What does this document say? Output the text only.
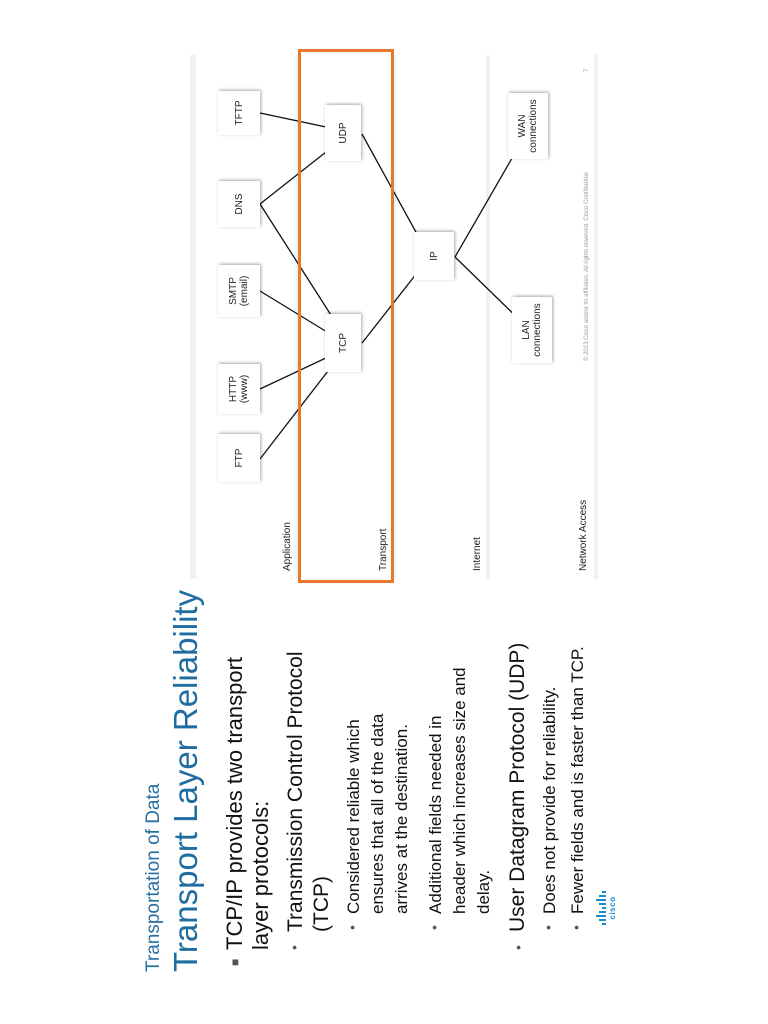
Transportation of Data Transport Layer Reliability ■
TCP/IP provides two transport layer protocols: •
Transmission Control Protocol (TCP) •
Considered reliable which ensures that all of the data arrives at the destination.
•
Additional fields needed in header which increases size and delay.
•
User Datagram Protocol (UDP) •
Does not provide for reliability.
•
Fewer fields and is faster than TCP.	cisco
Application	Transport	Internet	Network Access
FTP
HTTP
(www)
SMTP
(email)
DNS
TFTP
TCP
UDP
IP
LAN
connections
WAN
connections
© 2013 Cisco and/or its affiliates. All rights reserved. Cisco Confidential
7
